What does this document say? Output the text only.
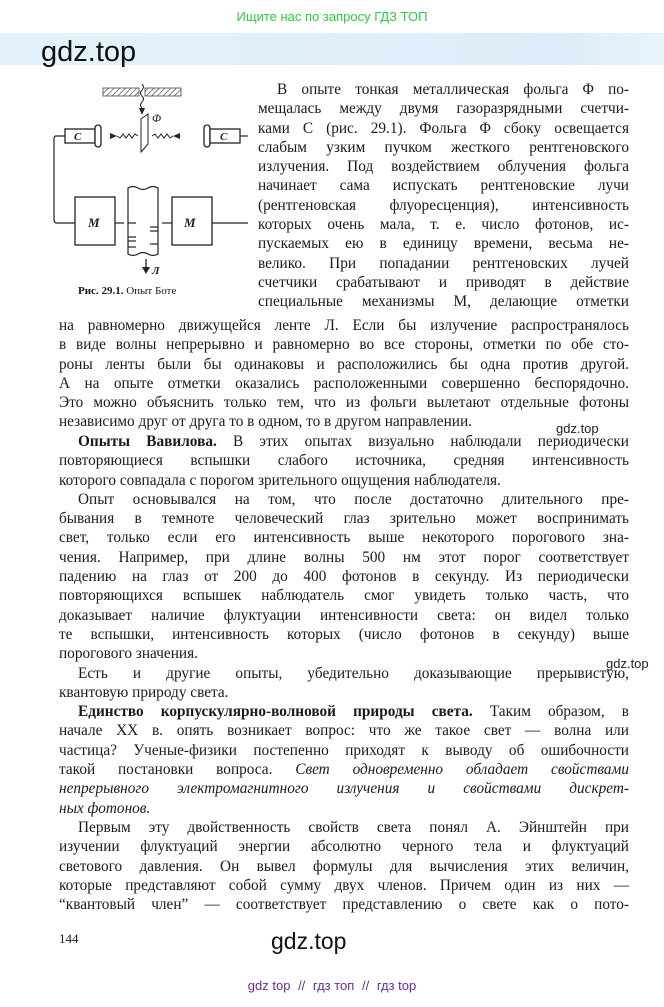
Ищите нас по запросу ГДЗ ТОП
gdz.top
Φ
C	C
M	M
Л
Рис. 29.1. Опыт Боте
В опыте тонкая металлическая фольга Φ по-
мещалась между двумя газоразрядными счетчи-
ками C (рис. 29.1). Фольга Φ сбоку освещается
слабым узким пучком жесткого рентгеновского
излучения. Под воздействием облучения фольга
начинает сама испускать рентгеновские лучи
(рентгеновская флуоресценция), интенсивность
которых очень мала, т. е. число фотонов, ис-
пускаемых ею в единицу времени, весьма не-
велико. При попадании рентгеновских лучей
счетчики срабатывают и приводят в действие
специальные механизмы M, делающие отметки
на равномерно движущейся ленте Л. Если бы излучение распространялось
в виде волны непрерывно и равномерно во все стороны, отметки по обе сто-
роны ленты были бы одинаковы и расположились бы одна против другой.
А на опыте отметки оказались расположенными совершенно беспорядочно.
Это можно объяснить только тем, что из фольги вылетают отдельные фотоны
независимо друг от друга то в одном, то в другом направлении.	gdz.top
Опыты Вавилова. В этих опытах визуально наблюдали периодически
повторяющиеся вспышки слабого источника, средняя интенсивность
которого совпадала с порогом зрительного ощущения наблюдателя.
Опыт основывался на том, что после достаточно длительного пре-
бывания в темноте человеческий глаз зрительно может воспринимать
свет, только если его интенсивность выше некоторого порогового зна-
чения. Например, при длине волны 500 нм этот порог соответствует
падению на глаз от 200 до 400 фотонов в секунду. Из периодически
повторяющихся вспышек наблюдатель смог увидеть только часть, что
доказывает наличие флуктуации интенсивности света: он видел только
те вспышки, интенсивность которых (число фотонов в секунду) выше
порогового значения.
Есть и другие опыты, убедительно доказывающие прерывистую,
квантовую природу света.
Единство корпускулярно-волновой природы света. Таким образом, в
начале XX в. опять возникает вопрос: что же такое свет — волна или
частица? Ученые-физики постепенно приходят к выводу об ошибочности
такой постановки вопроса. Свет одновременно обладает свойствами
непрерывного электромагнитного излучения и свойствами дискрет-
ных фотонов.
Первым эту двойственность свойств света понял А. Эйнштейн при
изучении флуктуаций энергии абсолютно черного тела и флуктуаций
светового давления. Он вывел формулы для вычисления этих величин,
которые представляют собой сумму двух членов. Причем один из них —
“квантовый член” — соответствует представлению о свете как о пото-
gdz.top
144	gdz.top
gdz top // гдз топ // гдз top
